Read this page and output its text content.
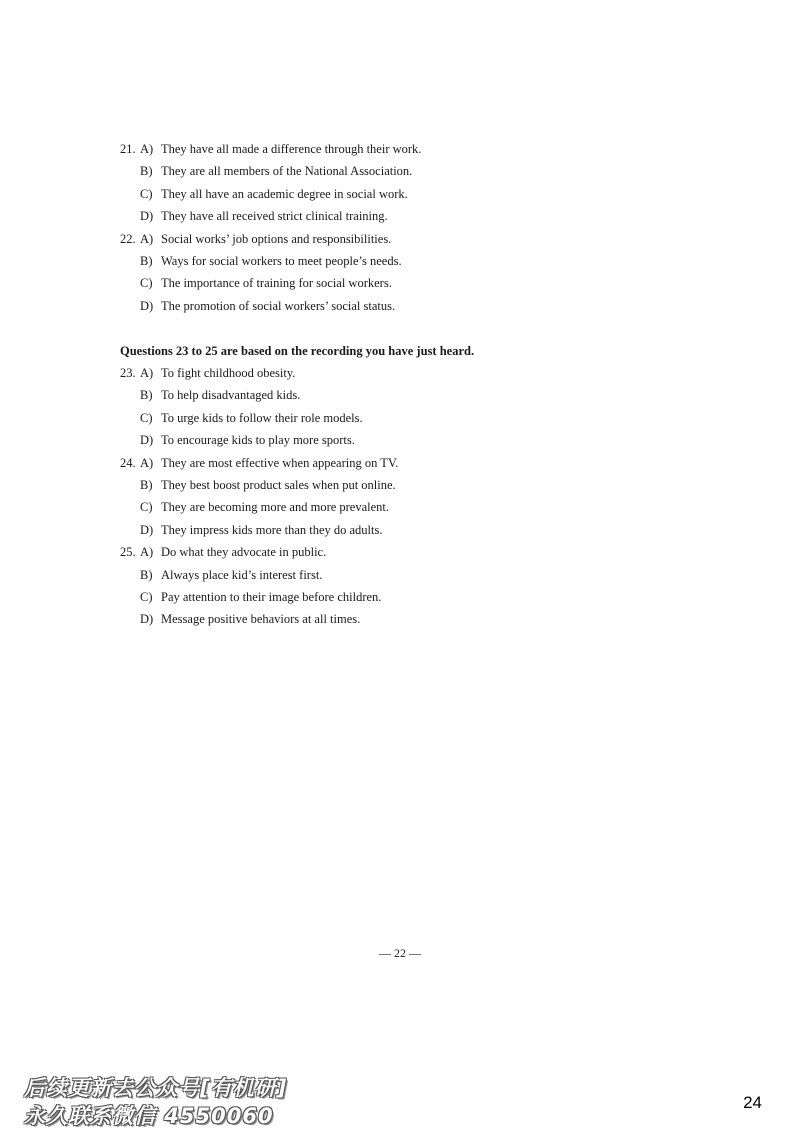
21. A) They have all made a difference through their work.
B) They are all members of the National Association.
C) They all have an academic degree in social work.
D) They have all received strict clinical training.
22. A) Social works’ job options and responsibilities.
B) Ways for social workers to meet people’s needs.
C) The importance of training for social workers.
D) The promotion of social workers’ social status.
Questions 23 to 25 are based on the recording you have just heard.
23. A) To fight childhood obesity.
B) To help disadvantaged kids.
C) To urge kids to follow their role models.
D) To encourage kids to play more sports.
24. A) They are most effective when appearing on TV.
B) They best boost product sales when put online.
C) They are becoming more and more prevalent.
D) They impress kids more than they do adults.
25. A) Do what they advocate in public.
B) Always place kid’s interest first.
C) Pay attention to their image before children.
D) Message positive behaviors at all times.
— 22 —
后续更新去公众号[有机研]
永久联系微信 4550060
24
